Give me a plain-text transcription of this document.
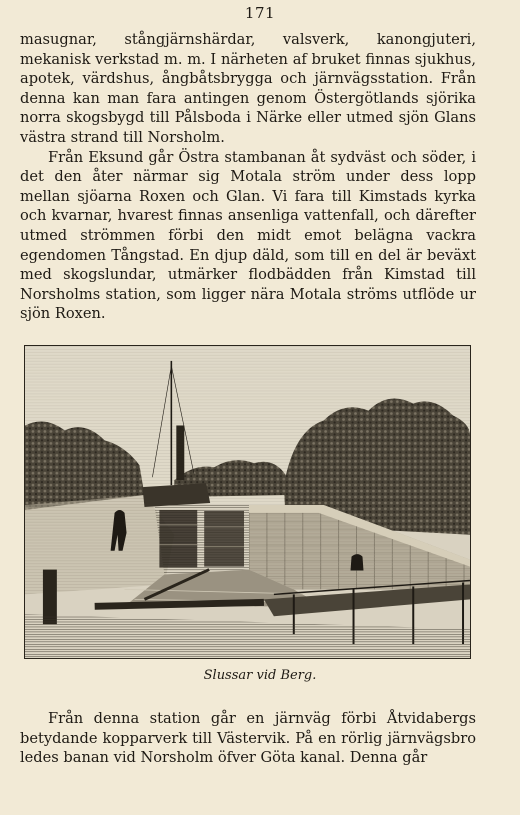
171

masugnar, stångjärnshärdar, valsverk, kanongjuteri, mekanisk verkstad m. m. I närheten af bruket finnas sjukhus, apotek, värdshus, ångbåtsbrygga och järnvägsstation. Från denna kan man fara antingen genom Östergötlands sjörika norra skogsbygd till Pålsboda i Närke eller utmed sjön Glans västra strand till Norsholm.

Från Eksund går Östra stambanan åt sydväst och söder, i det den åter närmar sig Motala ström under dess lopp mellan sjöarna Roxen och Glan. Vi fara till Kimstads kyrka och kvarnar, hvarest finnas ansenliga vattenfall, och därefter utmed strömmen förbi den midt emot belägna vackra egendomen Tångstad. En djup däld, som till en del är beväxt med skogslundar, utmärker flodbädden från Kimstad till Norsholms station, som ligger nära Motala ströms utflöde ur sjön Roxen.

Slussar vid Berg.

Från denna station går en järnväg förbi Åtvidabergs betydande kopparverk till Västervik. På en rörlig järnvägsbro ledes banan vid Norsholm öfver Göta kanal. Denna går
